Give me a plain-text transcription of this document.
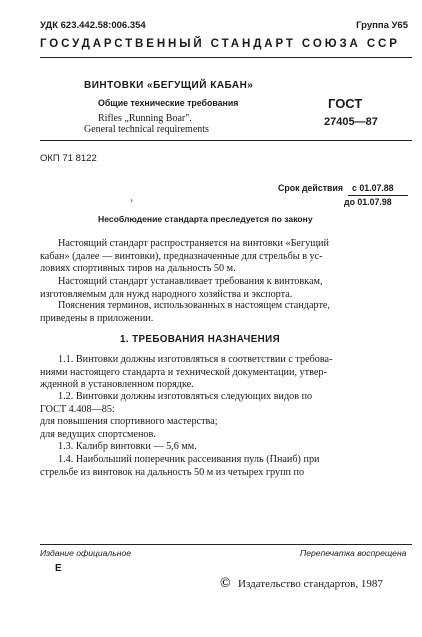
УДК 623.442.58:006.354	Группа У65
ГОСУДАРСТВЕННЫЙ СТАНДАРТ СОЮЗА ССР
ВИНТОВКИ «БЕГУЩИЙ КАБАН»
Общие технические требования
Rifles „Running Boar".
General technical requirements
ГОСТ
27405—87
ОКП 71 8122
Срок действия с 01.07.88
до 01.07.98
›
Несоблюдение стандарта преследуется по закону
Настоящий стандарт распространяется на винтовки «Бегущий
кабан» (далее — винтовки), предназначенные для стрельбы в ус-
ловиях спортивных тиров на дальность 50 м.
Настоящий стандарт устанавливает требования к винтовкам,
изготовляемым для нужд народного хозяйства и экспорта.
Пояснения терминов, использованных в настоящем стандарте,
приведены в приложении.
1. ТРЕБОВАНИЯ НАЗНАЧЕНИЯ
1.1. Винтовки должны изготовляться в соответствии с требова-
ниями настоящего стандарта и технической документации, утвер-
жденной в установленном порядке.
1.2. Винтовки должны изготовляться следующих видов по
ГОСТ 4.408—85:
для повышения спортивного мастерства;
для ведущих спортсменов.
1.3. Калибр винтовки — 5,6 мм.
1.4. Наибольший поперечник рассеивания пуль (Пнаиб) при
стрельбе из винтовок на дальность 50 м из четырех групп по
Издание официальное	Перепечатка воспрещена
Е
© Издательство стандартов, 1987
